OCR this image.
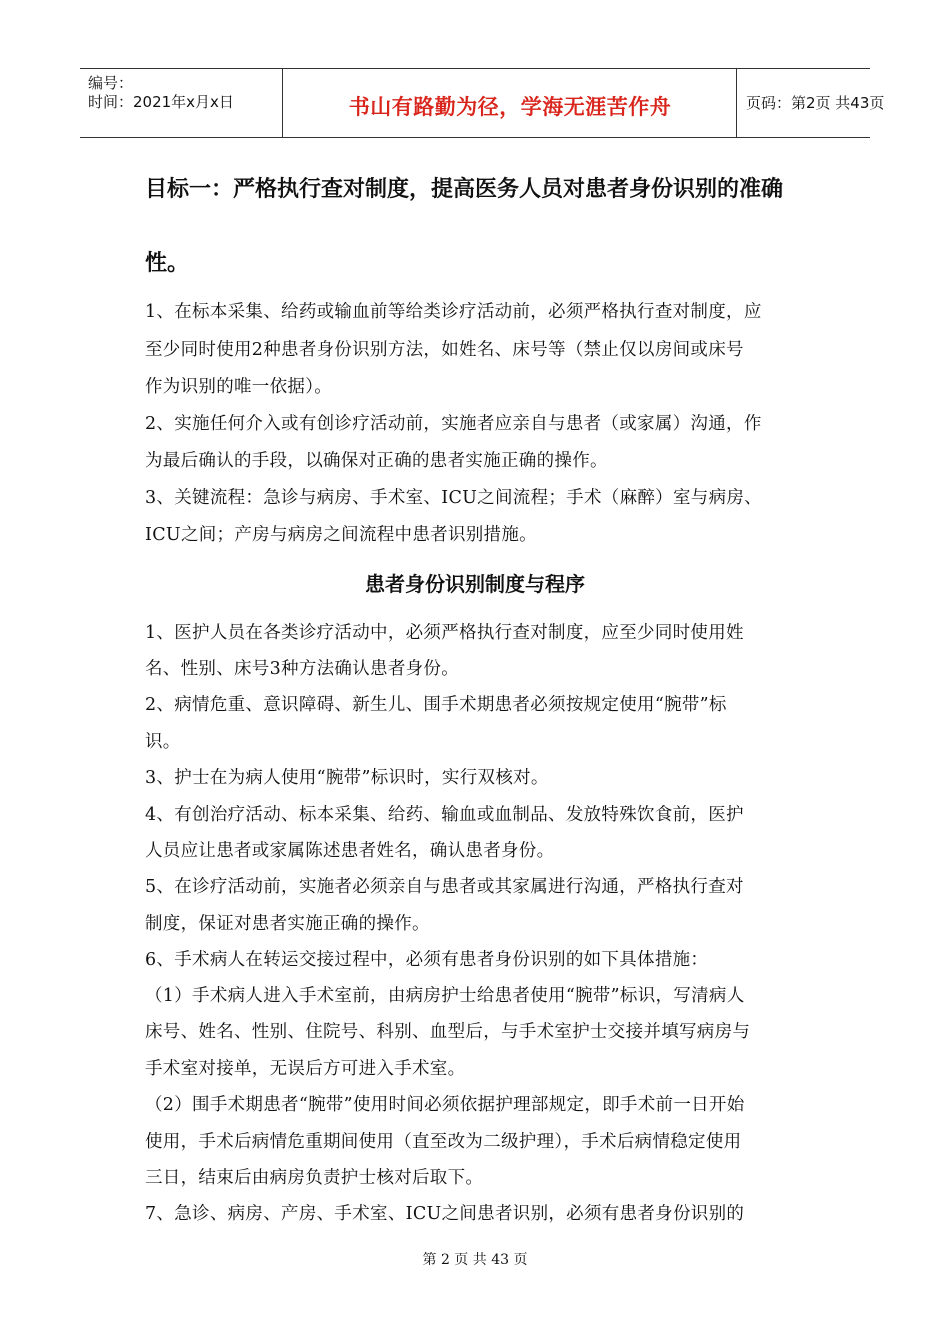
编号：
时间：2021年x月x日	书山有路勤为径，学海无涯苦作舟	页码：第2页 共43页
目标一：严格执行查对制度，提高医务人员对患者身份识别的准确
性。
1、在标本采集、给药或输血前等给类诊疗活动前，必须严格执行查对制度，应
至少同时使用2种患者身份识别方法，如姓名、床号等（禁止仅以房间或床号
作为识别的唯一依据）。
2、实施任何介入或有创诊疗活动前，实施者应亲自与患者（或家属）沟通，作
为最后确认的手段，以确保对正确的患者实施正确的操作。
3、关键流程：急诊与病房、手术室、ICU之间流程；手术（麻醉）室与病房、
ICU之间；产房与病房之间流程中患者识别措施。
患者身份识别制度与程序
1、医护人员在各类诊疗活动中，必须严格执行查对制度，应至少同时使用姓
名、性别、床号3种方法确认患者身份。
2、病情危重、意识障碍、新生儿、围手术期患者必须按规定使用“腕带”标
识。
3、护士在为病人使用“腕带”标识时，实行双核对。
4、有创治疗活动、标本采集、给药、输血或血制品、发放特殊饮食前，医护
人员应让患者或家属陈述患者姓名，确认患者身份。
5、在诊疗活动前，实施者必须亲自与患者或其家属进行沟通，严格执行查对
制度，保证对患者实施正确的操作。
6、手术病人在转运交接过程中，必须有患者身份识别的如下具体措施：
（1）手术病人进入手术室前，由病房护士给患者使用“腕带”标识，写清病人
床号、姓名、性别、住院号、科别、血型后，与手术室护士交接并填写病房与
手术室对接单，无误后方可进入手术室。
（2）围手术期患者“腕带”使用时间必须依据护理部规定，即手术前一日开始
使用，手术后病情危重期间使用（直至改为二级护理），手术后病情稳定使用
三日，结束后由病房负责护士核对后取下。
7、急诊、病房、产房、手术室、ICU之间患者识别，必须有患者身份识别的
第 2 页 共 43 页
